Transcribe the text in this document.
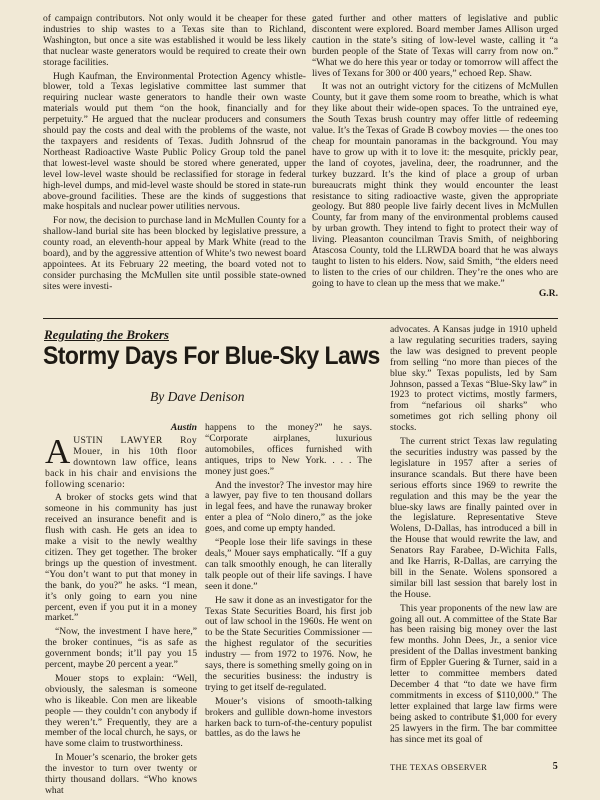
of campaign contributors. Not only would it be cheaper for these industries to ship wastes to a Texas site than to Richland, Washington, but once a site was established it would be less likely that nuclear waste generators would be required to create their own storage facilities.

Hugh Kaufman, the Environmental Protection Agency whistle-blower, told a Texas legislative committee last summer that requiring nuclear waste generators to handle their own waste materials would put them “on the hook, financially and for perpetuity.” He argued that the nuclear producers and consumers should pay the costs and deal with the problems of the waste, not the taxpayers and residents of Texas. Judith Johnsrud of the Northeast Radioactive Waste Public Policy Group told the panel that lowest-level waste should be stored where generated, upper level low-level waste should be reclassified for storage in federal high-level dumps, and mid-level waste should be stored in state-run above-ground facilities. These are the kinds of suggestions that make hospitals and nuclear power utilities nervous.

For now, the decision to purchase land in McMullen County for a shallow-land burial site has been blocked by legislative pressure, a county road, an eleventh-hour appeal by Mark White (read to the board), and by the aggressive attention of White’s two newest board appointees. At its February 22 meeting, the board voted not to consider purchasing the McMullen site until possible state-owned sites were investi-

gated further and other matters of legislative and public discontent were explored. Board member James Allison urged caution in the state’s siting of low-level waste, calling it “a burden people of the State of Texas will carry from now on.” “What we do here this year or today or tomorrow will affect the lives of Texans for 300 or 400 years,” echoed Rep. Shaw.

It was not an outright victory for the citizens of McMullen County, but it gave them some room to breathe, which is what they like about their wide-open spaces. To the untrained eye, the South Texas brush country may offer little of redeeming value. It’s the Texas of Grade B cowboy movies — the ones too cheap for mountain panoramas in the background. You may have to grow up with it to love it: the mesquite, prickly pear, the land of coyotes, javelina, deer, the roadrunner, and the turkey buzzard. It’s the kind of place a group of urban bureaucrats might think they would encounter the least resistance to siting radioactive waste, given the appropriate geology. But 880 people live fairly decent lives in McMullen County, far from many of the environmental problems caused by urban growth. They intend to fight to protect their way of living. Pleasanton councilman Travis Smith, of neighboring Atascosa County, told the LLRWDA board that he was always taught to listen to his elders. Now, said Smith, “the elders need to listen to the cries of our children. They’re the ones who are going to have to clean up the mess that we make.”

G.R.
Regulating the Brokers
Stormy Days For Blue-Sky Laws
By Dave Denison
Austin

AUSTIN LAWYER Roy Mouer, in his 10th floor downtown law office, leans back in his chair and envisions the following scenario:

A broker of stocks gets wind that someone in his community has just received an insurance benefit and is flush with cash. He gets an idea to make a visit to the newly wealthy citizen. They get together. The broker brings up the question of investment. “You don’t want to put that money in the bank, do you?” he asks. “I mean, it’s only going to earn you nine percent, even if you put it in a money market.”

“Now, the investment I have here,” the broker continues, “is as safe as government bonds; it’ll pay you 15 percent, maybe 20 percent a year.”

Mouer stops to explain: “Well, obviously, the salesman is someone who is likeable. Con men are likeable people — they couldn’t con anybody if they weren’t.” Frequently, they are a member of the local church, he says, or have some claim to trustworthiness.

In Mouer’s scenario, the broker gets the investor to turn over twenty or thirty thousand dollars. “Who knows what

happens to the money?” he says. “Corporate airplanes, luxurious automobiles, offices furnished with antiques, trips to New York. . . . The money just goes.”

And the investor? The investor may hire a lawyer, pay five to ten thousand dollars in legal fees, and have the runaway broker enter a plea of “Nolo dinero,” as the joke goes, and come up empty handed.

“People lose their life savings in these deals,” Mouer says emphatically. “If a guy can talk smoothly enough, he can literally talk people out of their life savings. I have seen it done.”

He saw it done as an investigator for the Texas State Securities Board, his first job out of law school in the 1960s. He went on to be the State Securities Commissioner — the highest regulator of the securities industry — from 1972 to 1976. Now, he says, there is something smelly going on in the securities business: the industry is trying to get itself de-regulated.

Mouer’s visions of smooth-talking brokers and gullible down-home investors harken back to turn-of-the-century populist battles, as do the laws he

advocates. A Kansas judge in 1910 upheld a law regulating securities traders, saying the law was designed to prevent people from selling “no more than pieces of the blue sky.” Texas populists, led by Sam Johnson, passed a Texas “Blue-Sky law” in 1923 to protect victims, mostly farmers, from “nefarious oil sharks” who sometimes got rich selling phony oil stocks.

The current strict Texas law regulating the securities industry was passed by the legislature in 1957 after a series of insurance scandals. But there have been serious efforts since 1969 to rewrite the regulation and this may be the year the blue-sky laws are finally painted over in the legislature. Representative Steve Wolens, D-Dallas, has introduced a bill in the House that would rewrite the law, and Senators Ray Farabee, D-Wichita Falls, and Ike Harris, R-Dallas, are carrying the bill in the Senate. Wolens sponsored a similar bill last session that barely lost in the House.

This year proponents of the new law are going all out. A committee of the State Bar has been raising big money over the last few months. John Dees, Jr., a senior vice president of the Dallas investment banking firm of Eppler Guering & Turner, said in a letter to committee members dated December 4 that “to date we have firm commitments in excess of $110,000.” The letter explained that large law firms were being asked to contribute $1,000 for every 25 lawyers in the firm. The bar committee has since met its goal of

THE TEXAS OBSERVER	5
